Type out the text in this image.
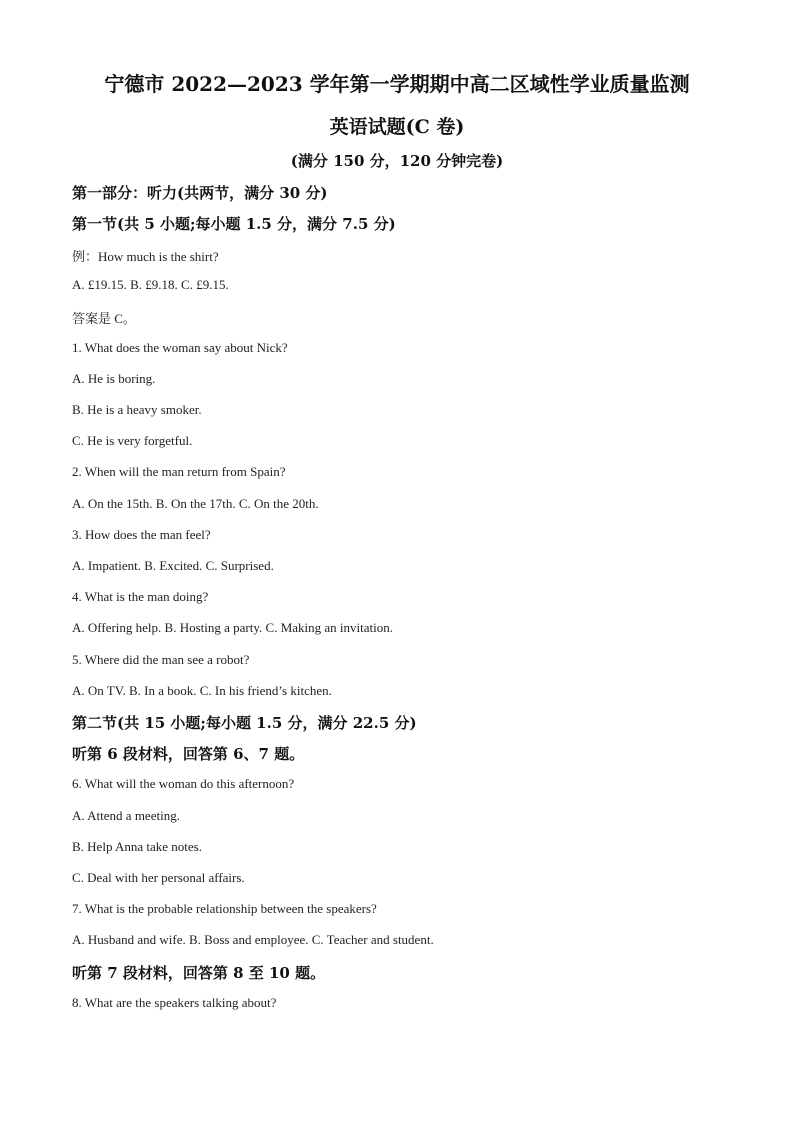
宁德市 2022—2023 学年第一学期期中高二区域性学业质量监测
英语试题(C 卷)
(满分 150 分，120 分钟完卷)
第一部分：听力(共两节，满分 30 分)
第一节(共 5 小题;每小题 1.5 分，满分 7.5 分)
例：How much is the shirt?
A. £19.15. B. £9.18. C. £9.15.
答案是 C。
1. What does the woman say about Nick?
A. He is boring.
B. He is a heavy smoker.
C. He is very forgetful.
2. When will the man return from Spain?
A. On the 15th. B. On the 17th. C. On the 20th.
3. How does the man feel?
A. Impatient. B. Excited. C. Surprised.
4. What is the man doing?
A. Offering help. B. Hosting a party. C. Making an invitation.
5. Where did the man see a robot?
A. On TV. B. In a book. C. In his friend’s kitchen.
第二节(共 15 小题;每小题 1.5 分，满分 22.5 分)
听第 6 段材料，回答第 6、7 题。
6. What will the woman do this afternoon?
A. Attend a meeting.
B. Help Anna take notes.
C. Deal with her personal affairs.
7. What is the probable relationship between the speakers?
A. Husband and wife. B. Boss and employee. C. Teacher and student.
听第 7 段材料，回答第 8 至 10 题。
8. What are the speakers talking about?
